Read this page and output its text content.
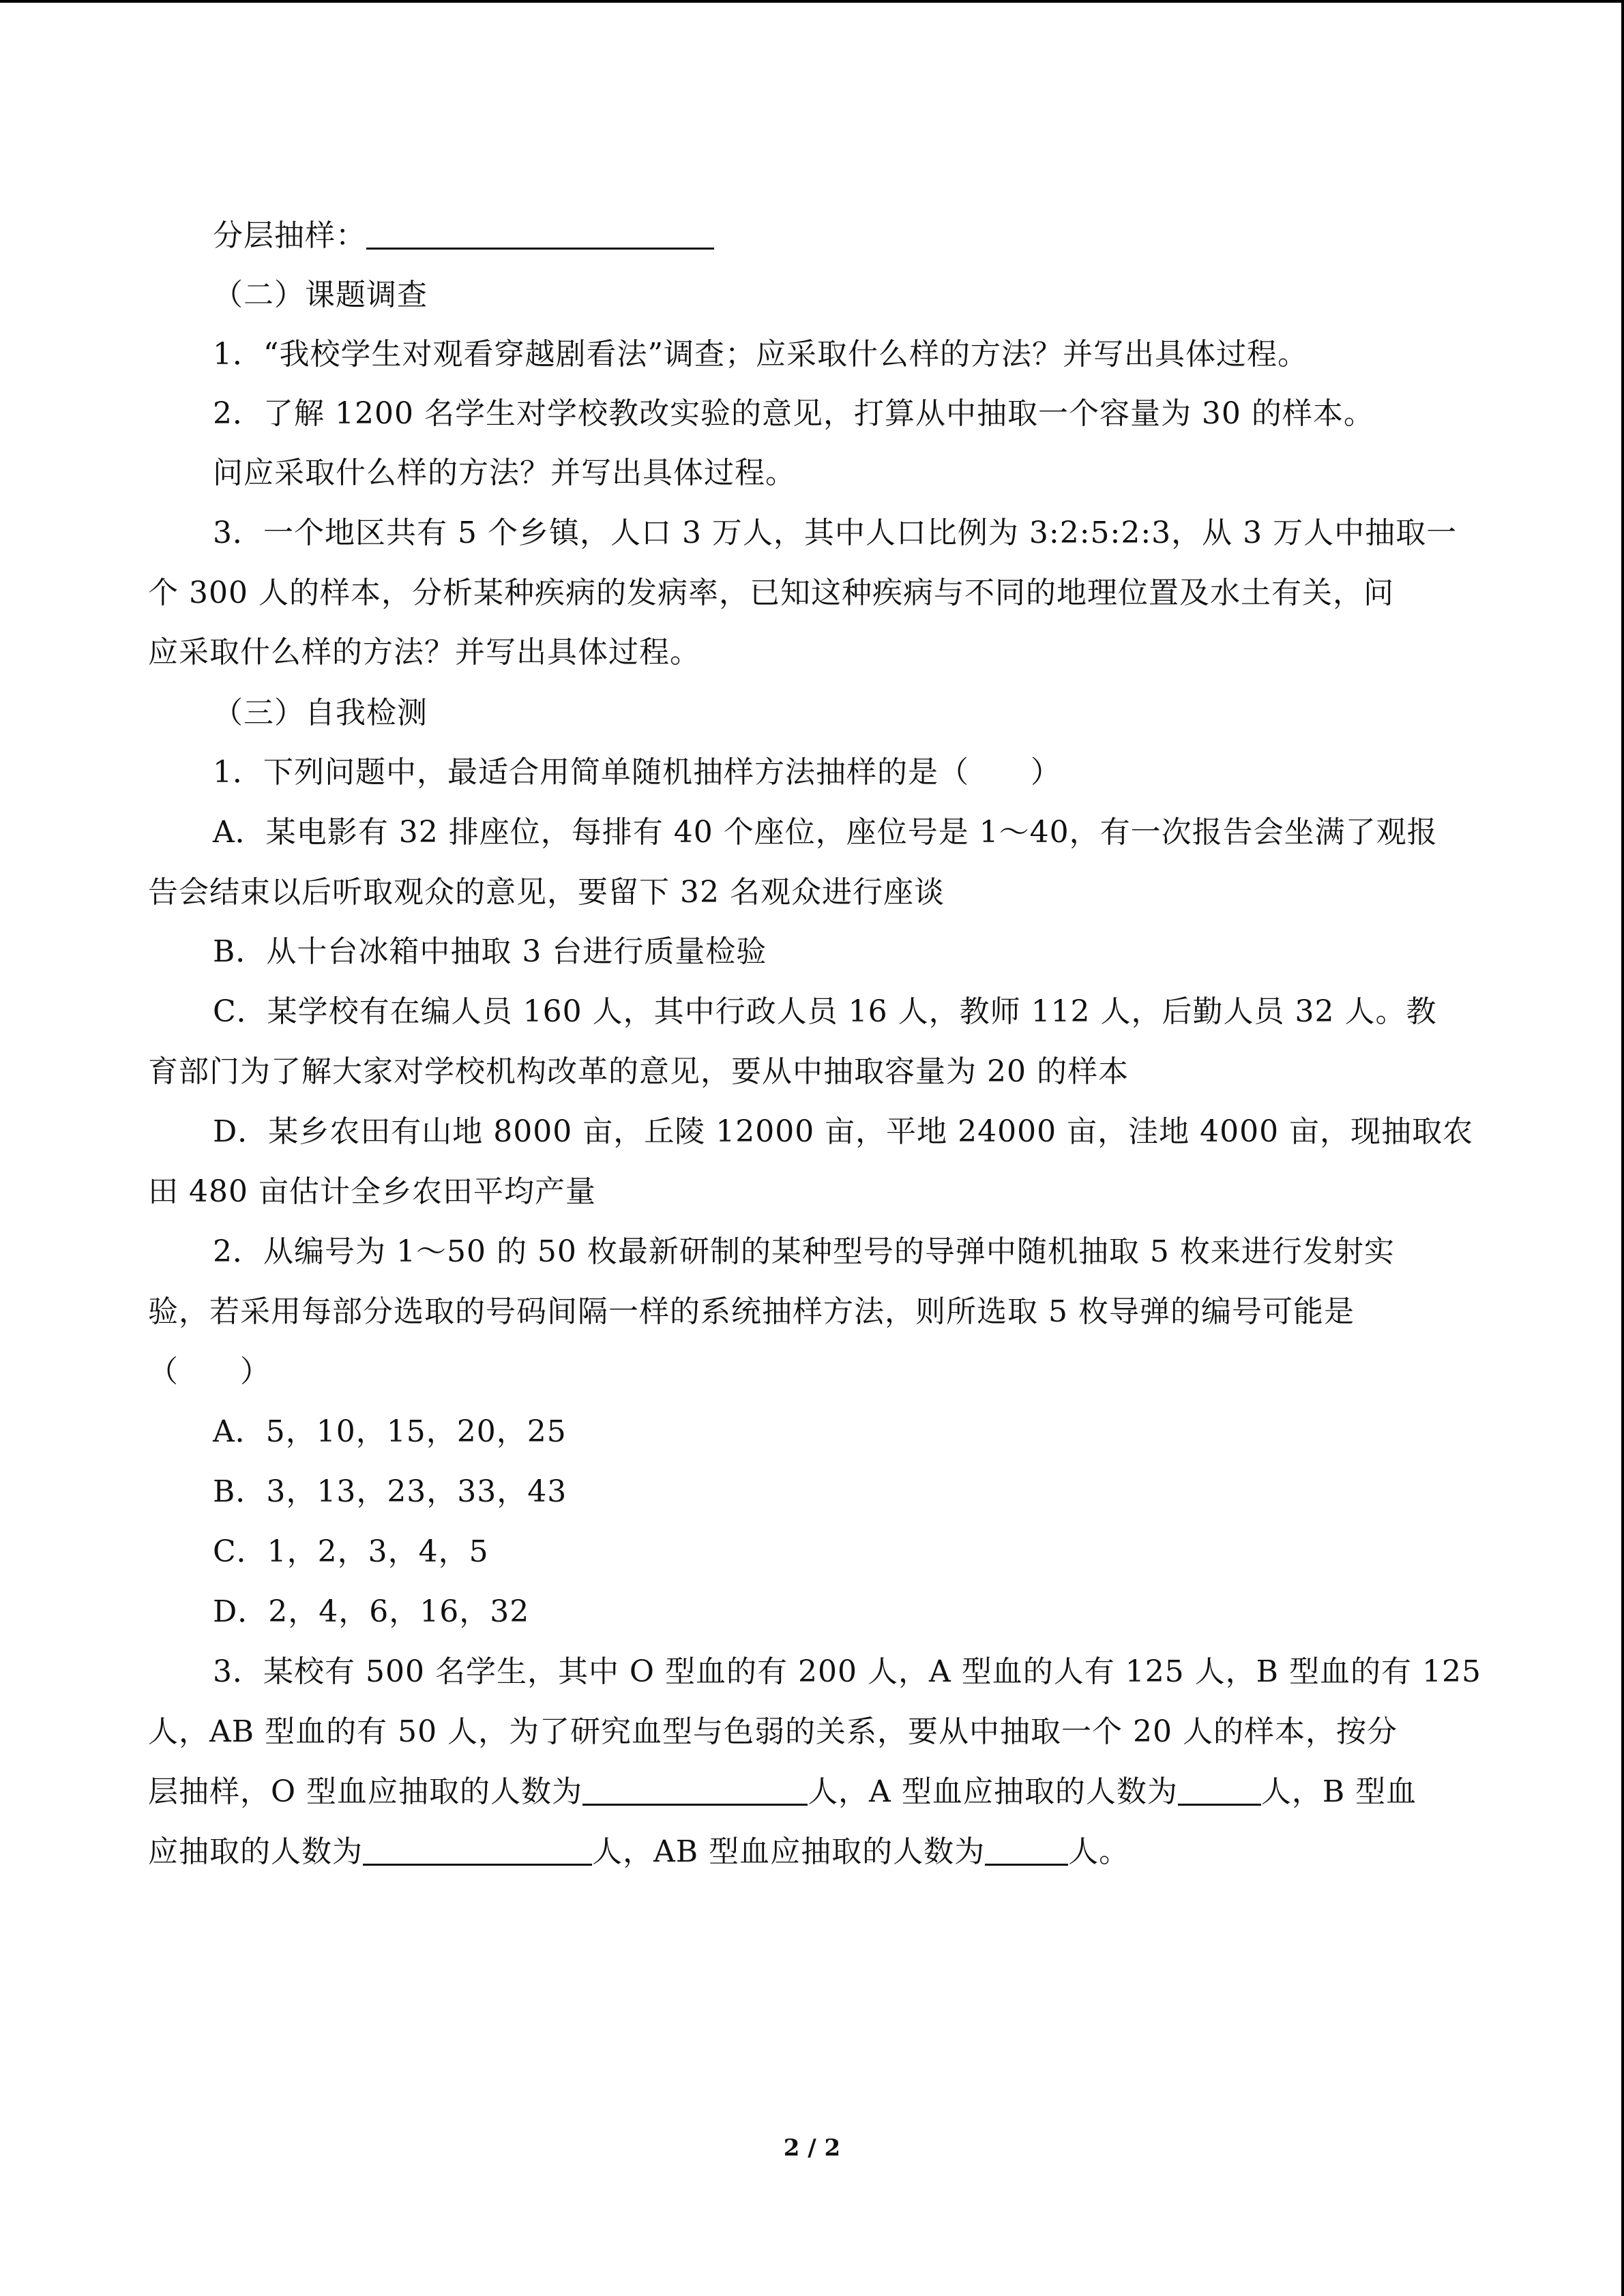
分层抽样：
（二）课题调查
1．“我校学生对观看穿越剧看法”调查；应采取什么样的方法？并写出具体过程。
2．了解 1200 名学生对学校教改实验的意见，打算从中抽取一个容量为 30 的样本。
问应采取什么样的方法？并写出具体过程。
3．一个地区共有 5 个乡镇，人口 3 万人，其中人口比例为 3:2:5:2:3，从 3 万人中抽取一
个 300 人的样本，分析某种疾病的发病率，已知这种疾病与不同的地理位置及水土有关，问
应采取什么样的方法？并写出具体过程。
（三）自我检测
1．下列问题中，最适合用简单随机抽样方法抽样的是（　　）
A．某电影有 32 排座位，每排有 40 个座位，座位号是 1～40，有一次报告会坐满了观报
告会结束以后听取观众的意见，要留下 32 名观众进行座谈
B．从十台冰箱中抽取 3 台进行质量检验
C．某学校有在编人员 160 人，其中行政人员 16 人，教师 112 人，后勤人员 32 人。教
育部门为了解大家对学校机构改革的意见，要从中抽取容量为 20 的样本
D．某乡农田有山地 8000 亩，丘陵 12000 亩，平地 24000 亩，洼地 4000 亩，现抽取农
田 480 亩估计全乡农田平均产量
2．从编号为 1～50 的 50 枚最新研制的某种型号的导弹中随机抽取 5 枚来进行发射实
验，若采用每部分选取的号码间隔一样的系统抽样方法，则所选取 5 枚导弹的编号可能是
（　　）
A．5，10，15，20，25
B．3，13，23，33，43
C．1，2，3，4，5
D．2，4，6，16，32
3．某校有 500 名学生，其中 O 型血的有 200 人，A 型血的人有 125 人，B 型血的有 125
人，AB 型血的有 50 人，为了研究血型与色弱的关系，要从中抽取一个 20 人的样本，按分
层抽样，O 型血应抽取的人数为	人，A 型血应抽取的人数为	人，B 型血
应抽取的人数为	人，AB 型血应抽取的人数为	人。
2 / 2
